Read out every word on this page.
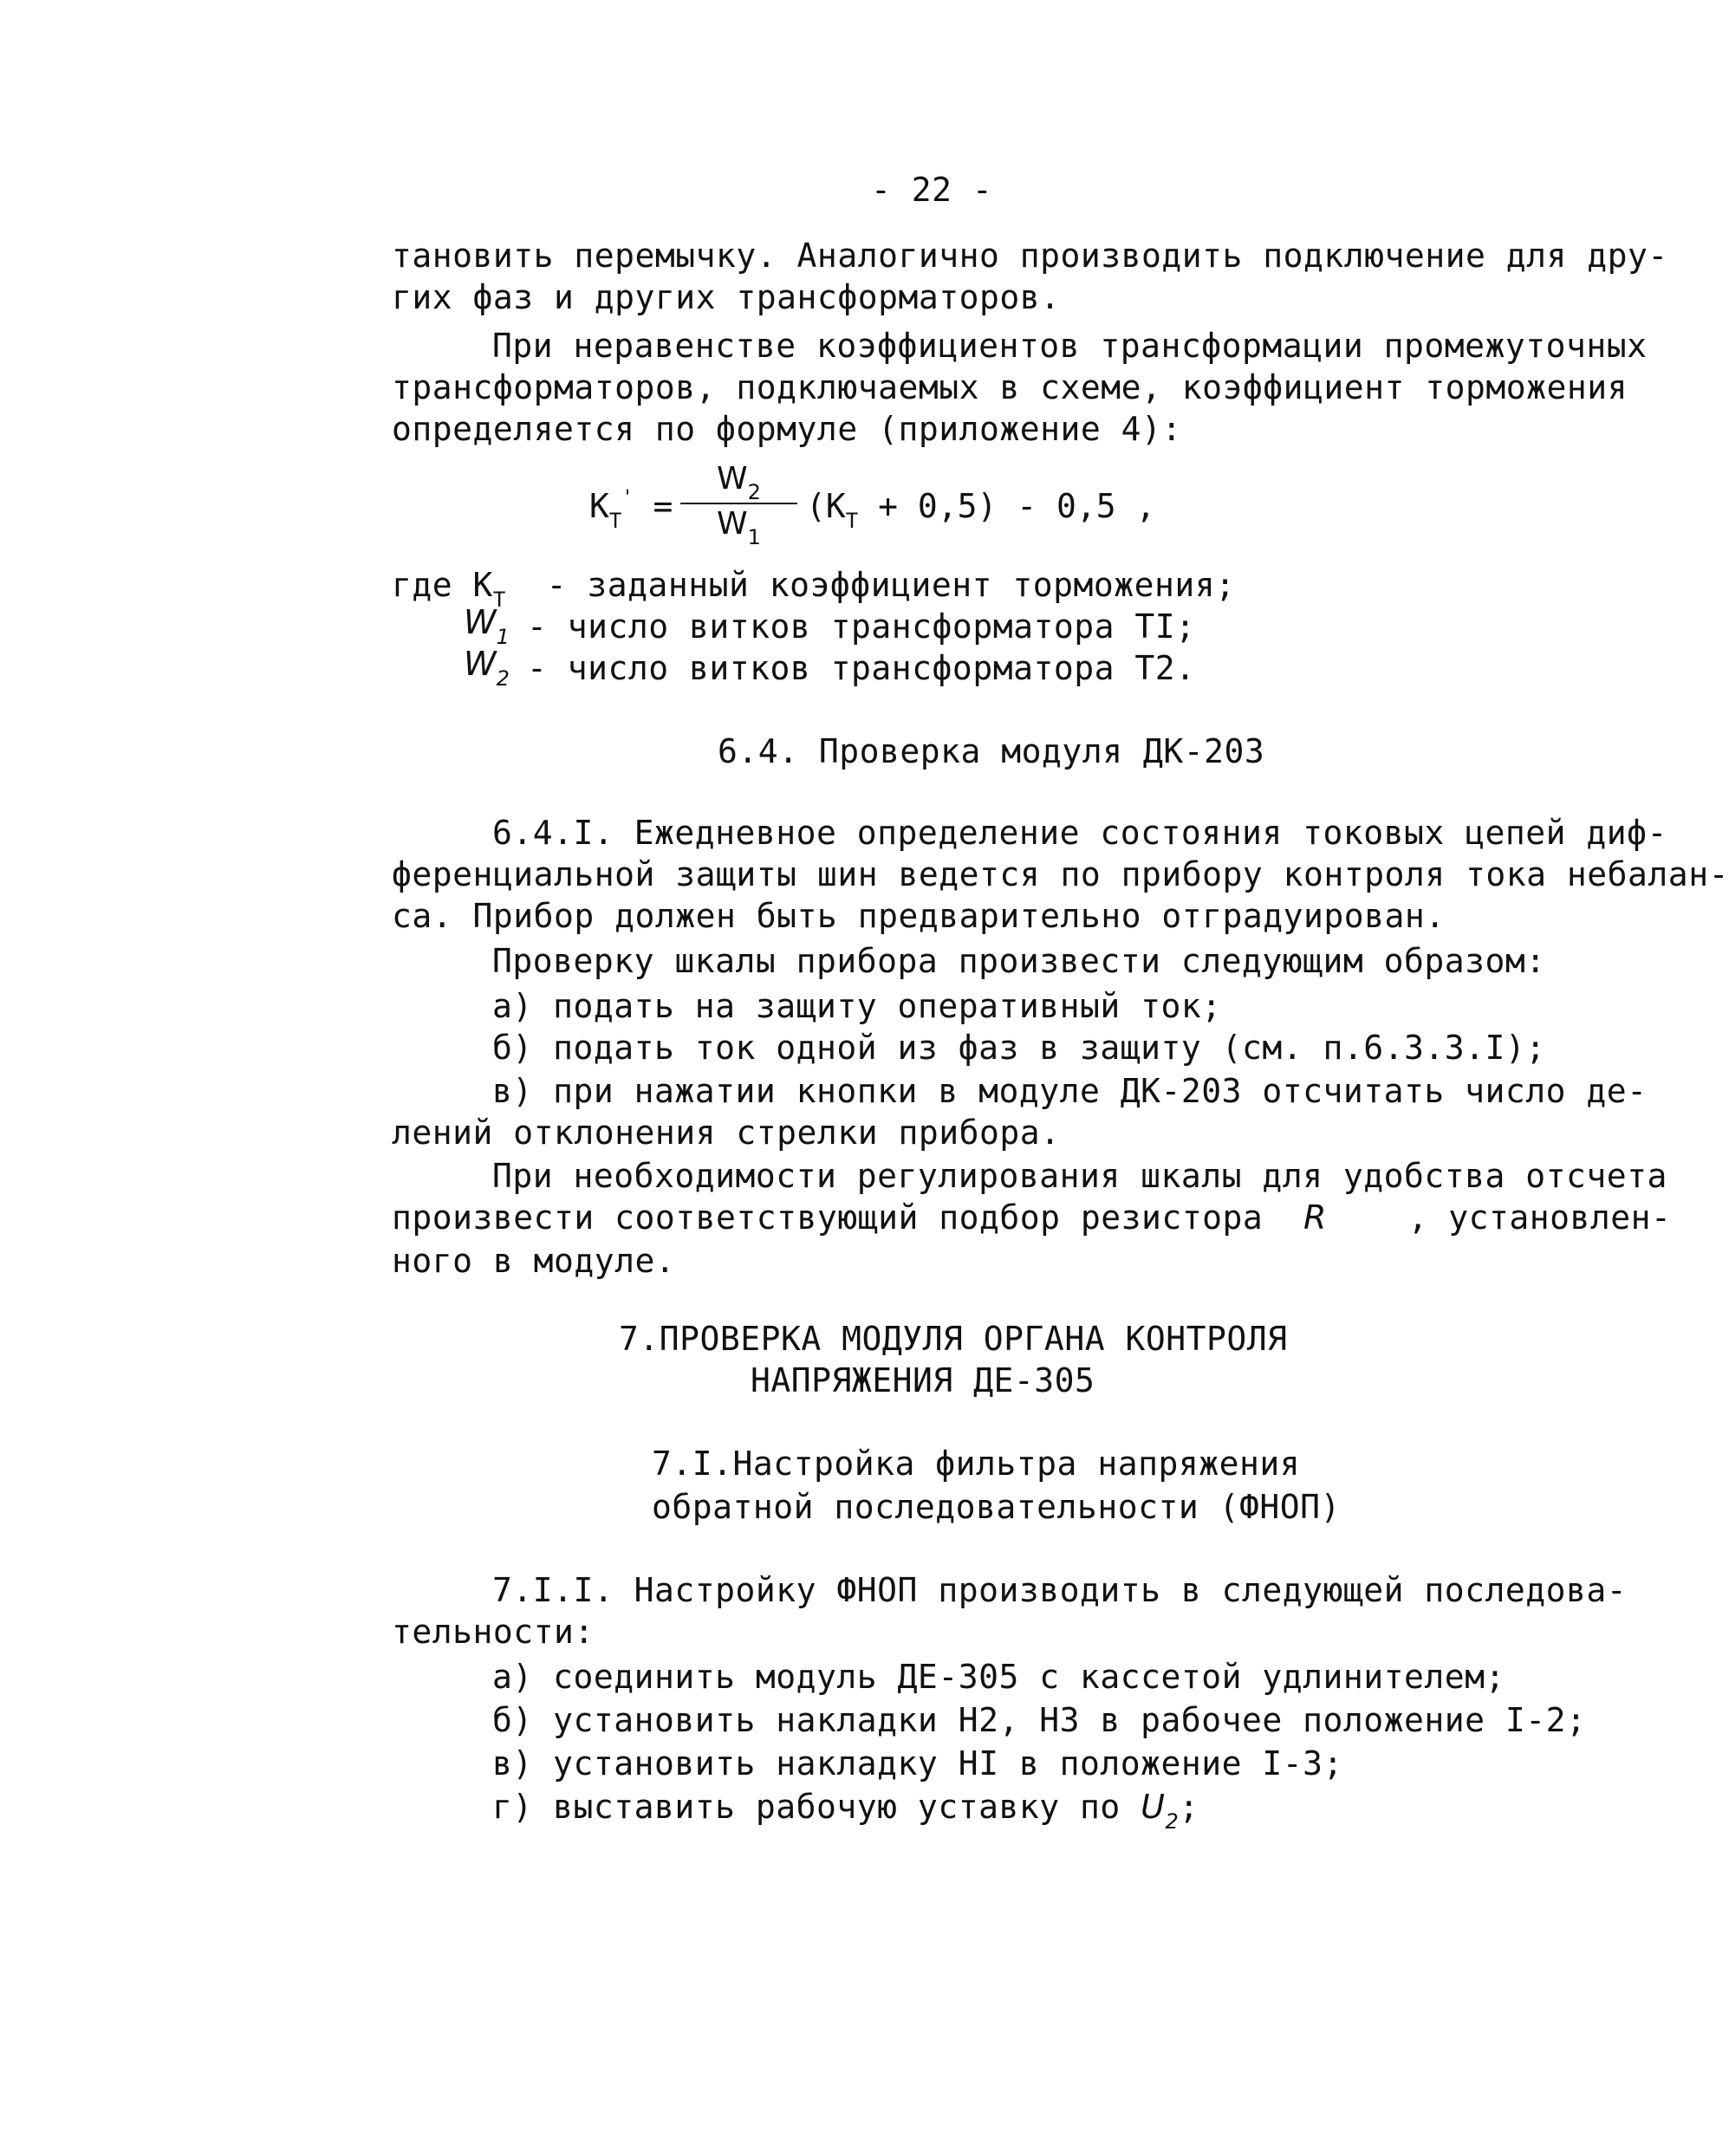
- 22 -
тановить перемычку. Аналогично производить подключение для дру-
гих фаз и других трансформаторов.
При неравенстве коэффициентов трансформации промежуточных
трансформаторов, подключаемых в схеме, коэффициент торможения
определяется по формуле (приложение 4):
$K_T'$ =
$W_2$
$W_1$
$(K_T + 0,5) - 0,5$ ,
где $K_T$ - заданный коэффициент торможения;
$W_1$ - число витков трансформатора TI;
$W_2$ - число витков трансформатора T2.
6.4. Проверка модуля ДК-203
6.4.I. Ежедневное определение состояния токовых цепей диф-
ференциальной защиты шин ведется по прибору контроля тока небалан-
са. Прибор должен быть предварительно отградуирован.
Проверку шкалы прибора произвести следующим образом:
а) подать на защиту оперативный ток;
б) подать ток одной из фаз в защиту (см. п.6.3.3.I);
в) при нажатии кнопки в модуле ДК-203 отсчитать число де-
лений отклонения стрелки прибора.
При необходимости регулирования шкалы для удобства отсчета
произвести соответствующий подбор резистора R , установлен-
ного в модуле.
7.ПРОВЕРКА МОДУЛЯ ОРГАНА КОНТРОЛЯ
НАПРЯЖЕНИЯ ДЕ-305
7.I.Настройка фильтра напряжения
обратной последовательности (ФНОП)
7.I.I. Настройку ФНОП производить в следующей последова-
тельности:
а) соединить модуль ДЕ-305 с кассетой удлинителем;
б) установить накладки Н2, Н3 в рабочее положение I-2;
в) установить накладку НI в положение I-3;
г) выставить рабочую уставку по $U_2$;
